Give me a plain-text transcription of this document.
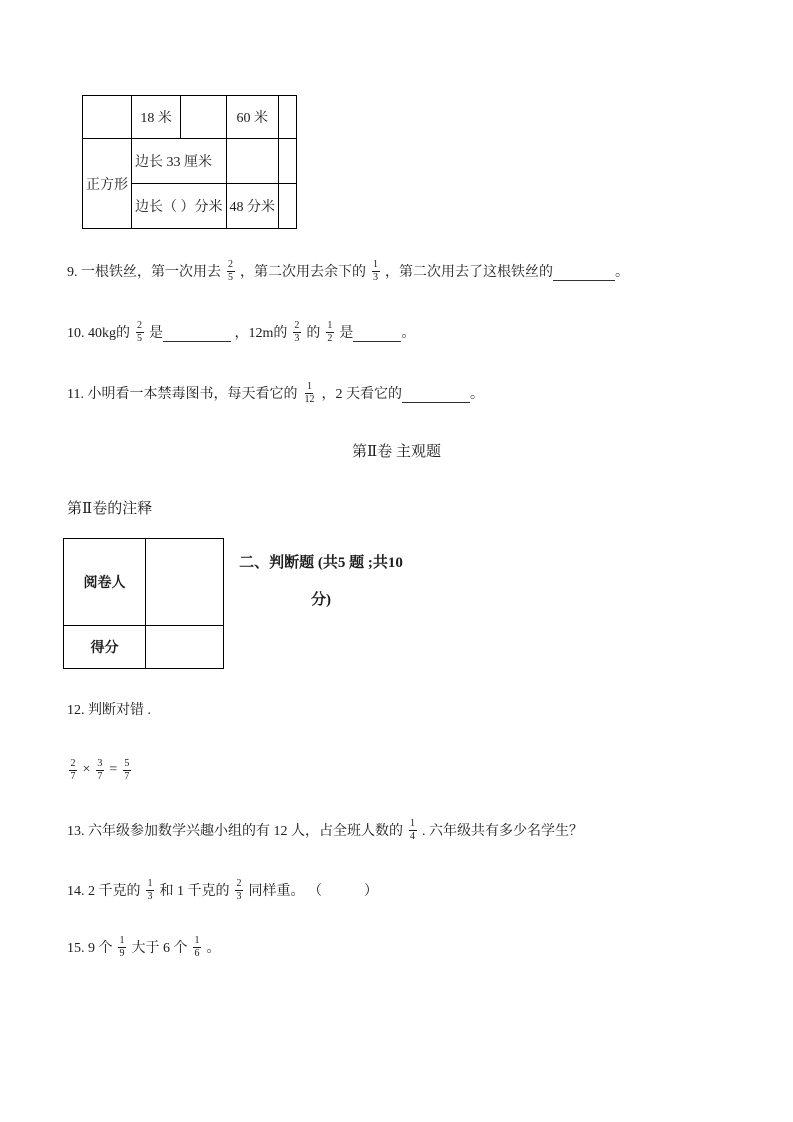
	18 米		60 米	
正方形	边长 33 厘米			
	边长（ ）分米		48 分米	
9. 一根铁丝，第一次用去 $\frac{2}{5}$ ，第二次用去余下的 $\frac{1}{3}$ ，第二次用去了这根铁丝的	。
10. 40kg的 $\frac{2}{5}$ 是	，12m的 $\frac{2}{3}$ 的 $\frac{1}{2}$ 是	。
11. 小明看一本禁毒图书，每天看它的 $\frac{1}{12}$ ，2 天看它的	。
第Ⅱ卷 主观题
第Ⅱ卷的注释
阅卷人	
得分	
二、判断题 (共5 题 ;共10
分)
12. 判断对错 .
$\frac{2}{7} \times \frac{3}{7} = \frac{5}{7}$
13. 六年级参加数学兴趣小组的有 12 人，占全班人数的 $\frac{1}{4}$ . 六年级共有多少名学生？
14. 2 千克的 $\frac{1}{3}$ 和 1 千克的 $\frac{2}{3}$ 同样重。 （　　　）
15. 9 个 $\frac{1}{9}$ 大于 6 个 $\frac{1}{6}$ 。
